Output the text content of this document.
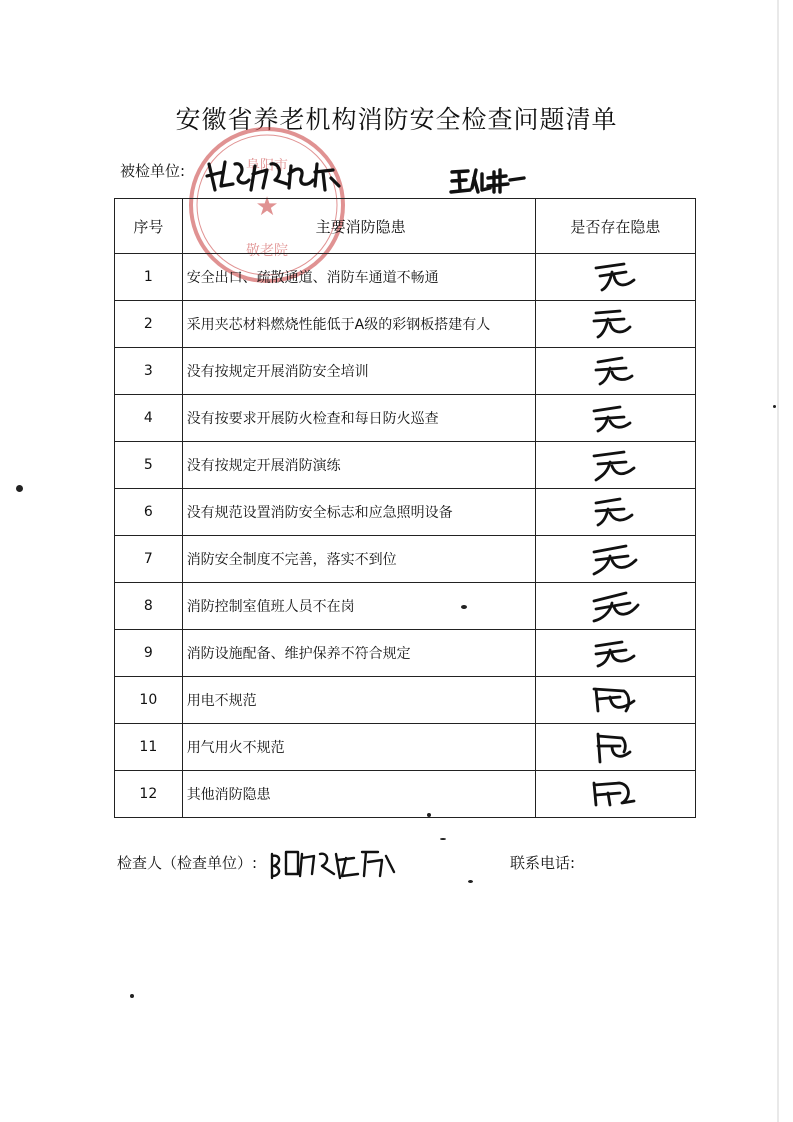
安徽省养老机构消防安全检查问题清单
阜阳市
敬老院
★
被检单位:
序号	主要消防隐患	是否存在隐患
1	安全出口、疏散通道、消防车通道不畅通	

2	采用夹芯材料燃烧性能低于A级的彩钢板搭建有人	

3	没有按规定开展消防安全培训	

4	没有按要求开展防火检查和每日防火巡查	

5	没有按规定开展消防演练	

6	没有规范设置消防安全标志和应急照明设备	

7	消防安全制度不完善，落实不到位	

8	消防控制室值班人员不在岗	

9	消防设施配备、维护保养不符合规定	

10	用电不规范	

11	用气用火不规范	

12	其他消防隐患	
检查人（检查单位）:	联系电话:
